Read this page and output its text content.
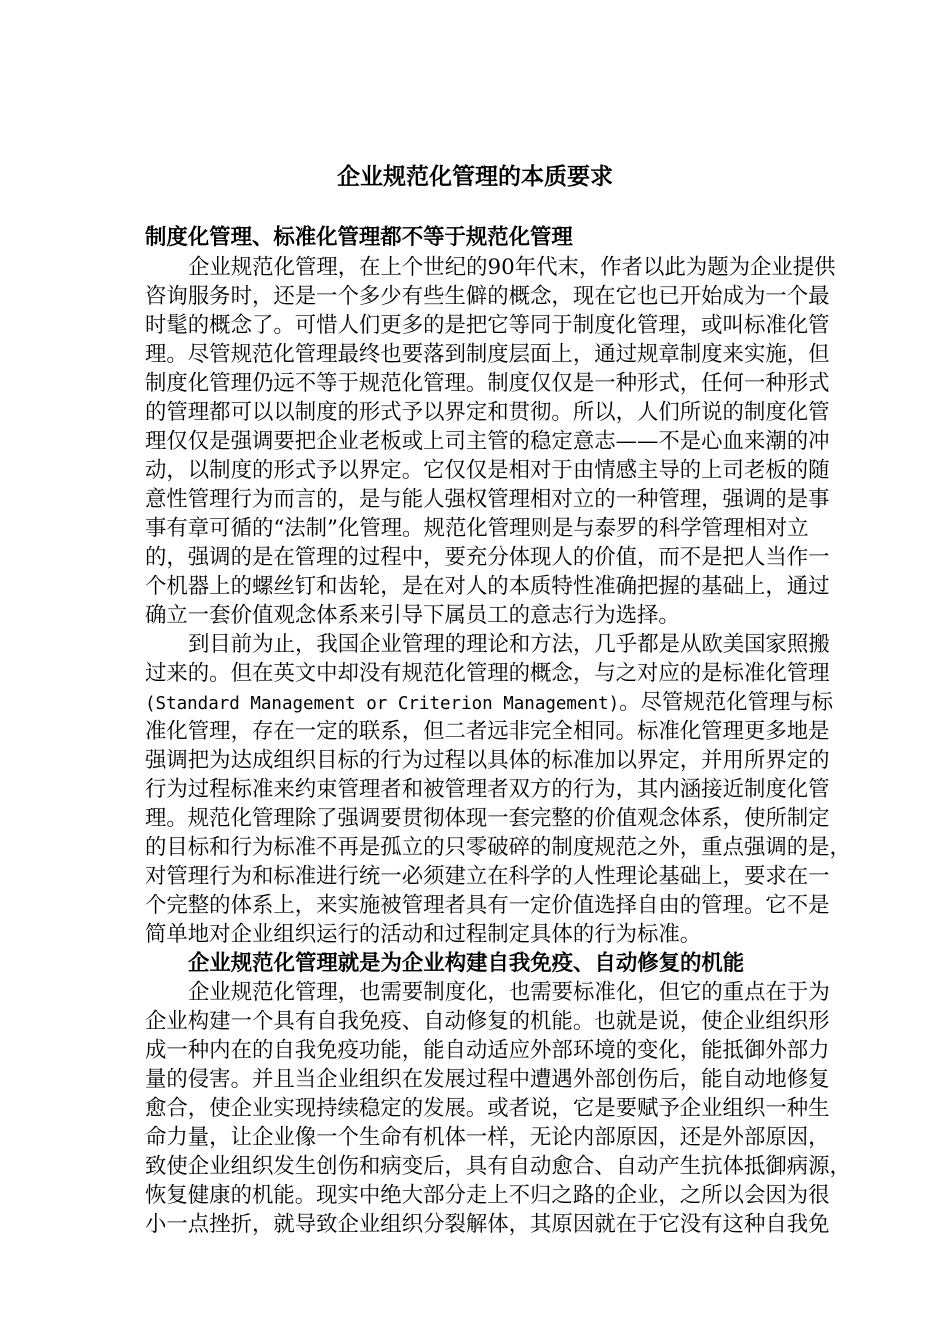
企业规范化管理的本质要求
制度化管理、标准化管理都不等于规范化管理
企业规范化管理，在上个世纪的90年代末，作者以此为题为企业提供
咨询服务时，还是一个多少有些生僻的概念，现在它也已开始成为一个最
时髦的概念了。可惜人们更多的是把它等同于制度化管理，或叫标准化管
理。尽管规范化管理最终也要落到制度层面上，通过规章制度来实施，但
制度化管理仍远不等于规范化管理。制度仅仅是一种形式，任何一种形式
的管理都可以以制度的形式予以界定和贯彻。所以，人们所说的制度化管
理仅仅是强调要把企业老板或上司主管的稳定意志——不是心血来潮的冲
动，以制度的形式予以界定。它仅仅是相对于由情感主导的上司老板的随
意性管理行为而言的，是与能人强权管理相对立的一种管理，强调的是事
事有章可循的“法制”化管理。规范化管理则是与泰罗的科学管理相对立
的，强调的是在管理的过程中，要充分体现人的价值，而不是把人当作一
个机器上的螺丝钉和齿轮，是在对人的本质特性准确把握的基础上，通过
确立一套价值观念体系来引导下属员工的意志行为选择。
到目前为止，我国企业管理的理论和方法，几乎都是从欧美国家照搬
过来的。但在英文中却没有规范化管理的概念，与之对应的是标准化管理
(Standard Management or Criterion Management)。尽管规范化管理与标
准化管理，存在一定的联系，但二者远非完全相同。标准化管理更多地是
强调把为达成组织目标的行为过程以具体的标准加以界定，并用所界定的
行为过程标准来约束管理者和被管理者双方的行为，其内涵接近制度化管
理。规范化管理除了强调要贯彻体现一套完整的价值观念体系，使所制定
的目标和行为标准不再是孤立的只零破碎的制度规范之外，重点强调的是，
对管理行为和标准进行统一必须建立在科学的人性理论基础上，要求在一
个完整的体系上，来实施被管理者具有一定价值选择自由的管理。它不是
简单地对企业组织运行的活动和过程制定具体的行为标准。
企业规范化管理就是为企业构建自我免疫、自动修复的机能
企业规范化管理，也需要制度化，也需要标准化，但它的重点在于为
企业构建一个具有自我免疫、自动修复的机能。也就是说，使企业组织形
成一种内在的自我免疫功能，能自动适应外部环境的变化，能抵御外部力
量的侵害。并且当企业组织在发展过程中遭遇外部创伤后，能自动地修复
愈合，使企业实现持续稳定的发展。或者说，它是要赋予企业组织一种生
命力量，让企业像一个生命有机体一样，无论内部原因，还是外部原因，
致使企业组织发生创伤和病变后，具有自动愈合、自动产生抗体抵御病源，
恢复健康的机能。现实中绝大部分走上不归之路的企业，之所以会因为很
小一点挫折，就导致企业组织分裂解体，其原因就在于它没有这种自我免
